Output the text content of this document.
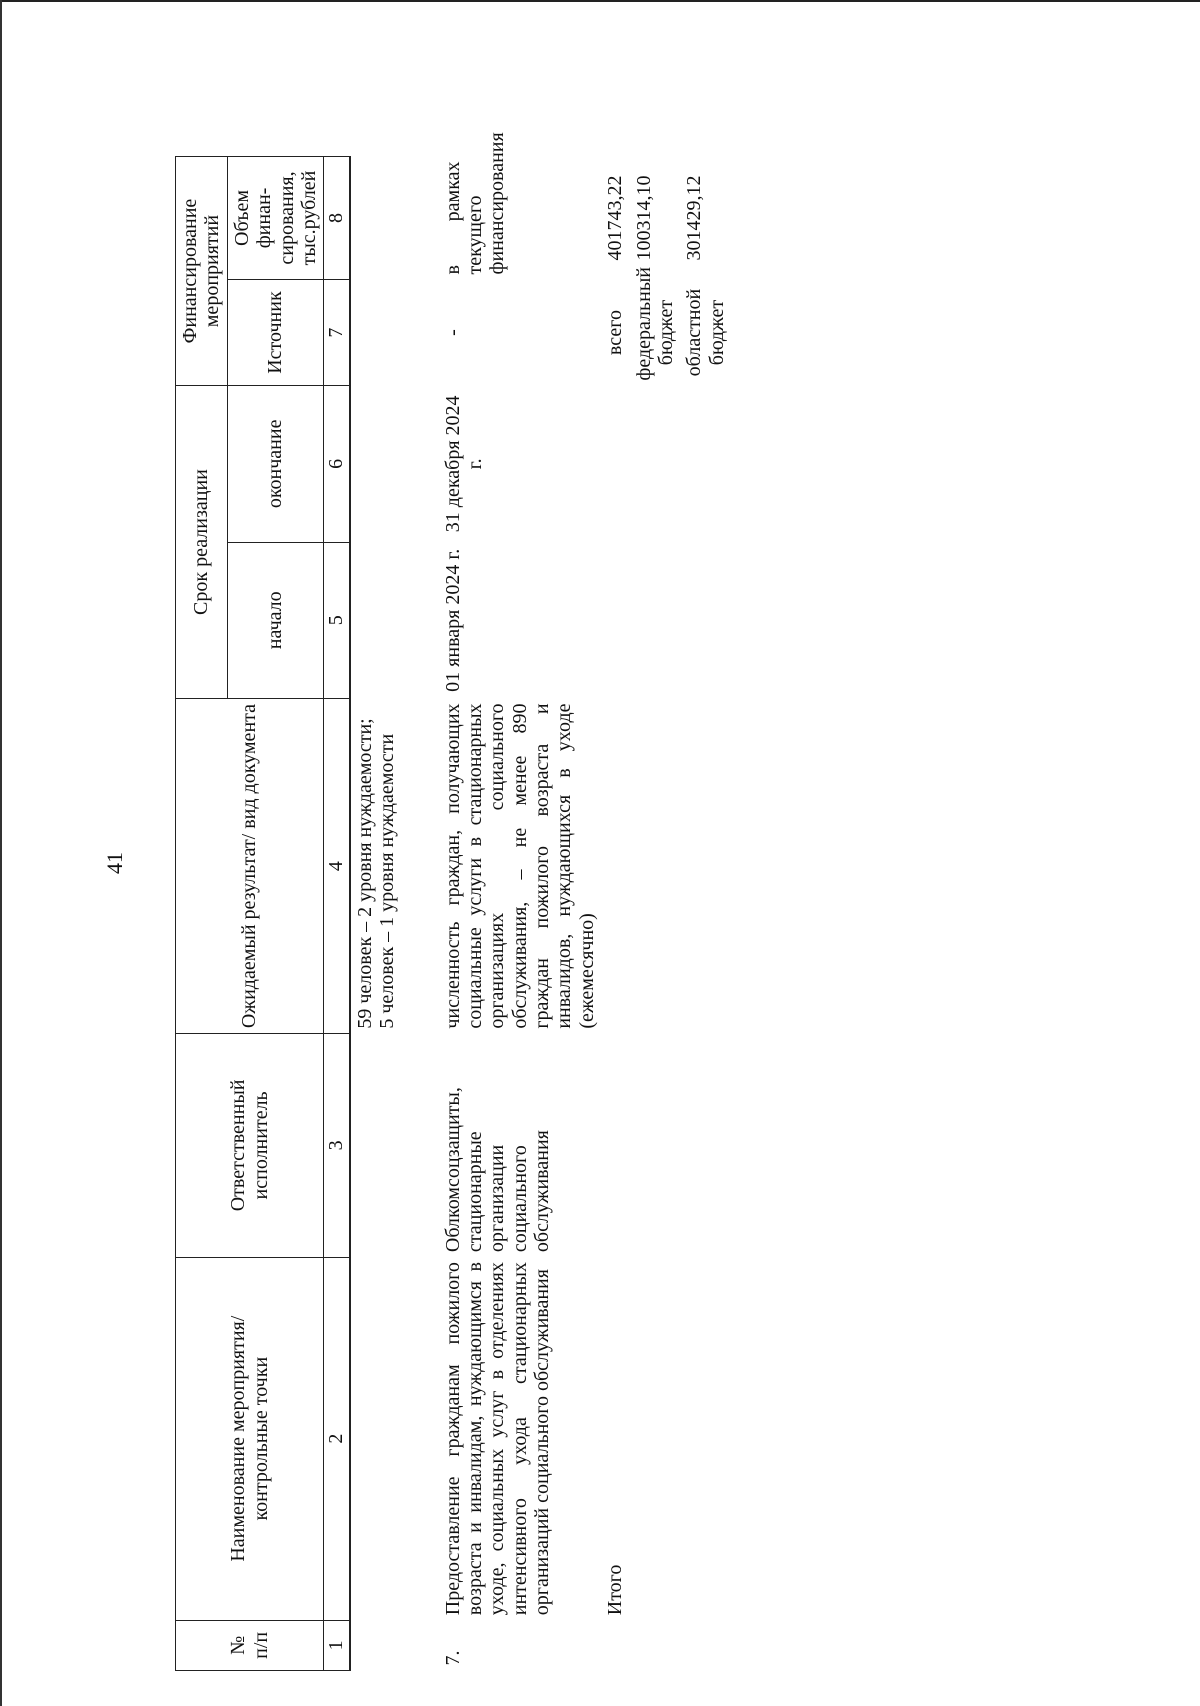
41
№ п/п	Наименование мероприятия/ контрольные точки	Ответственный исполнитель	Ожидаемый результат/ вид документа	Срок реализации		Финансирование мероприятий	
				начало	окончание	Источник	Объем финан-сирования, тыс.рублей
1	2	3	4	5	6	7	8

			59 человек – 2 уровня нуждаемости; 5 человек – 1 уровня нуждаемости				

7.	Предоставление гражданам пожилого возраста и инвалидам, нуждающимся в уходе, социальных услуг в отделениях интенсивного ухода стационарных организаций социального обслуживания	Облкомсоцзащиты, стационарные организации социального обслуживания	численность граждан, получающих социальные услуги в стационарных организациях социального обслуживания, – не менее 890 граждан пожилого возраста и инвалидов, нуждающихся в уходе (ежемесячно)	01 января 2024 г.	31 декабря 2024 г.	-	в рамках текущего финансирования
	Итого					всего	401743,22
						федеральный бюджет	100314,10
						областной бюджет	301429,12
